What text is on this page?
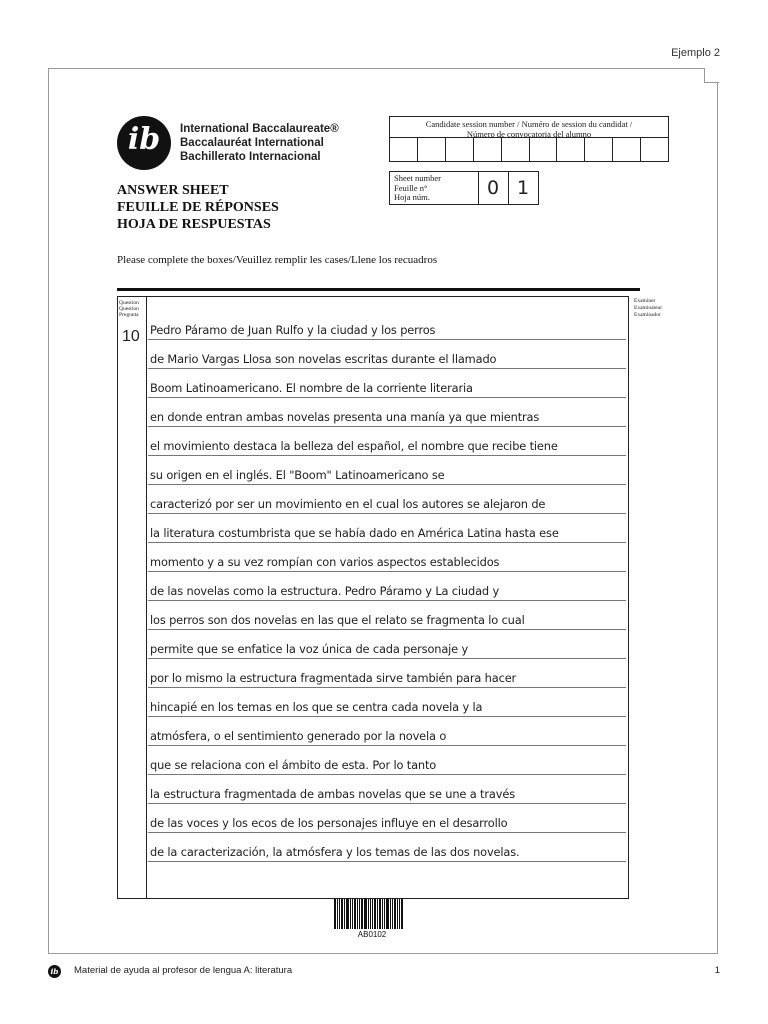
Ejemplo 2
ib	International Baccalaureate®
Baccalauréat International
Bachillerato Internacional
Candidate session number / Numéro de session du candidat /
Número de convocatoria del alumno
Sheet number
Feuille n°
Hoja núm.	0 1
ANSWER SHEET
FEUILLE DE RÉPONSES
HOJA DE RESPUESTAS
Please complete the boxes/Veuillez remplir les cases/Llene los recuadros
Question
Question
Pregunta
10
Examiner
Examinateur
Examinador
Pedro Páramo de Juan Rulfo y la ciudad y los perros
de Mario Vargas Llosa son novelas escritas durante el llamado
Boom Latinoamericano. El nombre de la corriente literaria
en donde entran ambas novelas presenta una manía ya que mientras
el movimiento destaca la belleza del español, el nombre que recibe tiene
su origen en el inglés. El "Boom" Latinoamericano se
caracterizó por ser un movimiento en el cual los autores se alejaron de
la literatura costumbrista que se había dado en América Latina hasta ese
momento y a su vez rompían con varios aspectos establecidos
de las novelas como la estructura. Pedro Páramo y La ciudad y
los perros son dos novelas en las que el relato se fragmenta lo cual
permite que se enfatice la voz única de cada personaje y
por lo mismo la estructura fragmentada sirve también para hacer
hincapié en los temas en los que se centra cada novela y la
atmósfera, o el sentimiento generado por la novela o
que se relaciona con el ámbito de esta. Por lo tanto
la estructura fragmentada de ambas novelas que se une a través
de las voces y los ecos de los personajes influye en el desarrollo
de la caracterización, la atmósfera y los temas de las dos novelas.
AB0102
ib Material de ayuda al profesor de lengua A: literatura	1
